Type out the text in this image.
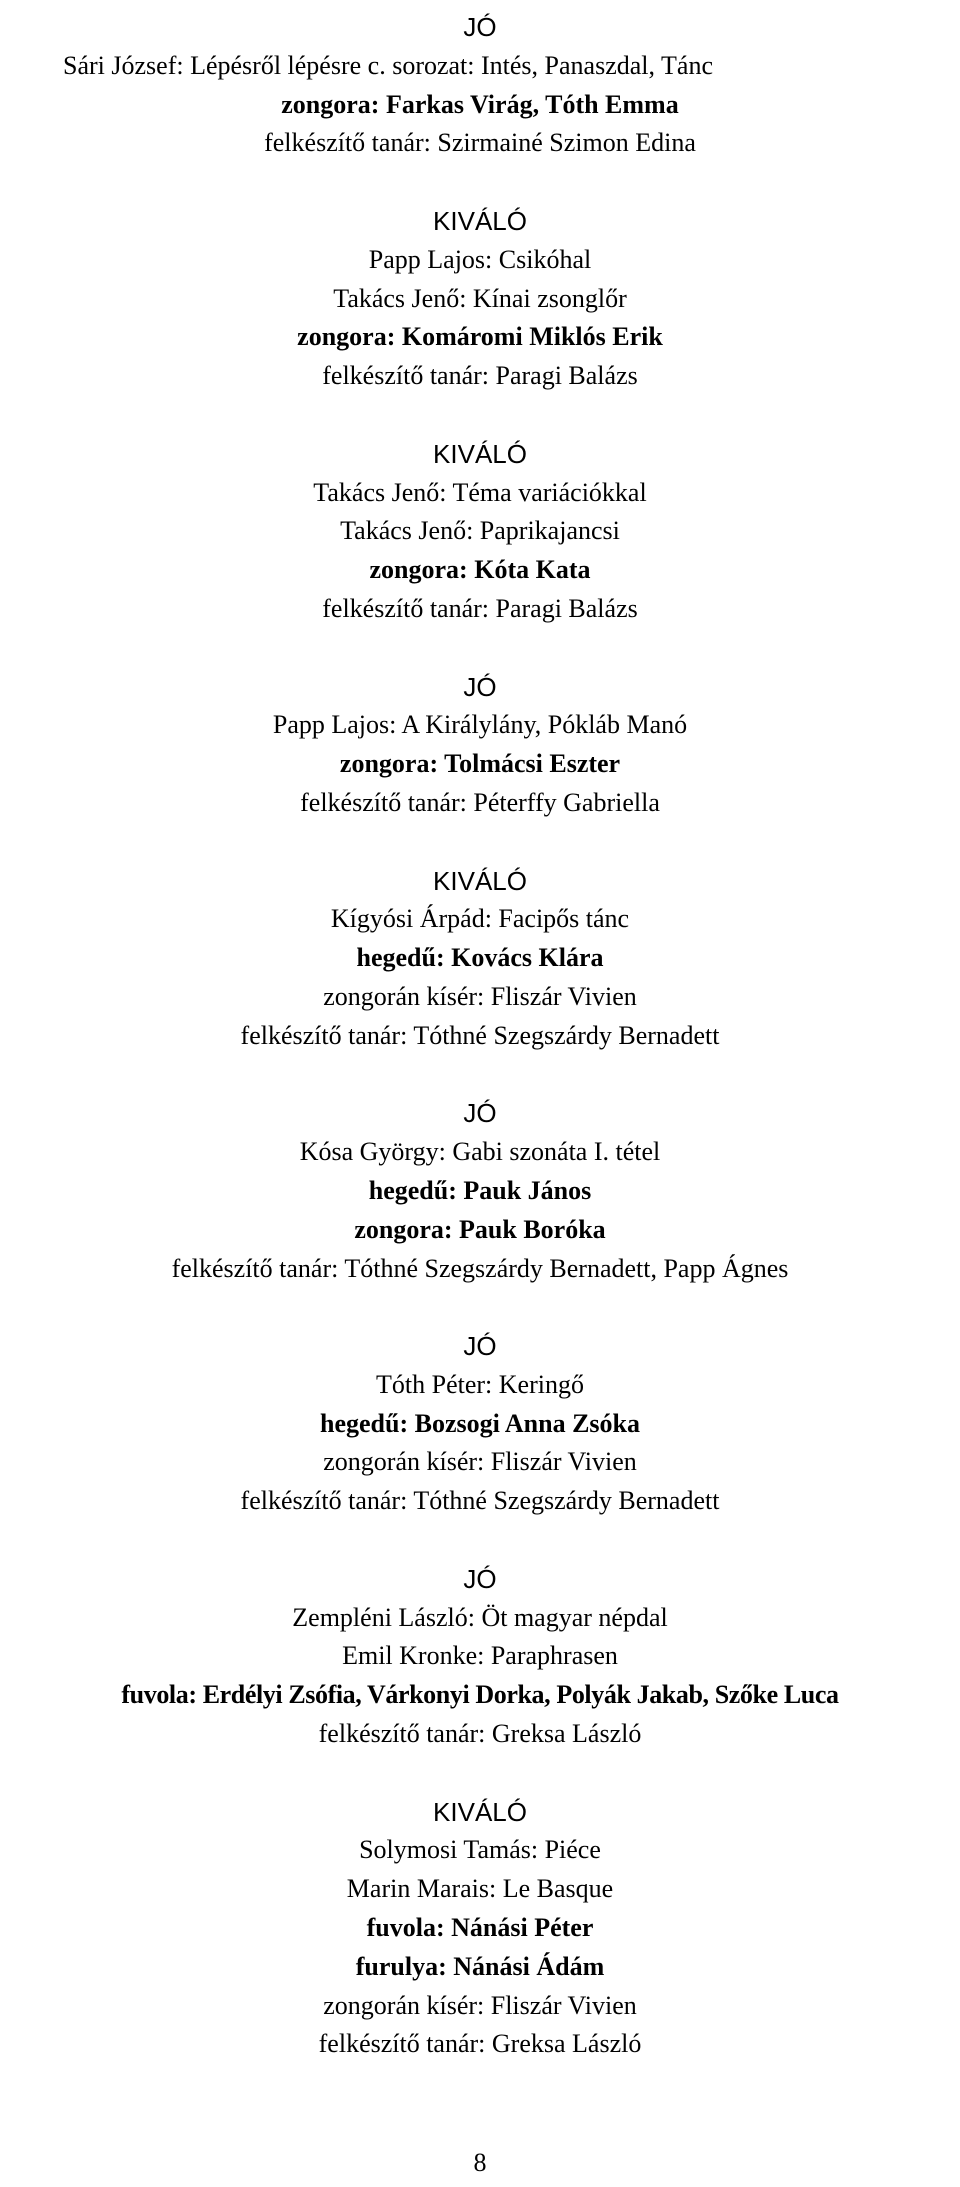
JÓ
Sári József: Lépésről lépésre c. sorozat: Intés, Panaszdal, Tánc
zongora: Farkas Virág, Tóth Emma
felkészítő tanár: Szirmainé Szimon Edina
KIVÁLÓ
Papp Lajos: Csikóhal
Takács Jenő: Kínai zsonglőr
zongora: Komáromi Miklós Erik
felkészítő tanár: Paragi Balázs
KIVÁLÓ
Takács Jenő: Téma variációkkal
Takács Jenő: Paprikajancsi
zongora: Kóta Kata
felkészítő tanár: Paragi Balázs
JÓ
Papp Lajos: A Királylány, Pókláb Manó
zongora: Tolmácsi Eszter
felkészítő tanár: Péterffy Gabriella
KIVÁLÓ
Kígyósi Árpád: Facipős tánc
hegedű: Kovács Klára
zongorán kísér: Fliszár Vivien
felkészítő tanár: Tóthné Szegszárdy Bernadett
JÓ
Kósa György: Gabi szonáta I. tétel
hegedű: Pauk János
zongora: Pauk Boróka
felkészítő tanár: Tóthné Szegszárdy Bernadett, Papp Ágnes
JÓ
Tóth Péter: Keringő
hegedű: Bozsogi Anna Zsóka
zongorán kísér: Fliszár Vivien
felkészítő tanár: Tóthné Szegszárdy Bernadett
JÓ
Zempléni László: Öt magyar népdal
Emil Kronke: Paraphrasen
fuvola: Erdélyi Zsófia, Várkonyi Dorka, Polyák Jakab, Szőke Luca
felkészítő tanár: Greksa László
KIVÁLÓ
Solymosi Tamás: Piéce
Marin Marais: Le Basque
fuvola: Nánási Péter
furulya: Nánási Ádám
zongorán kísér: Fliszár Vivien
felkészítő tanár: Greksa László
8
